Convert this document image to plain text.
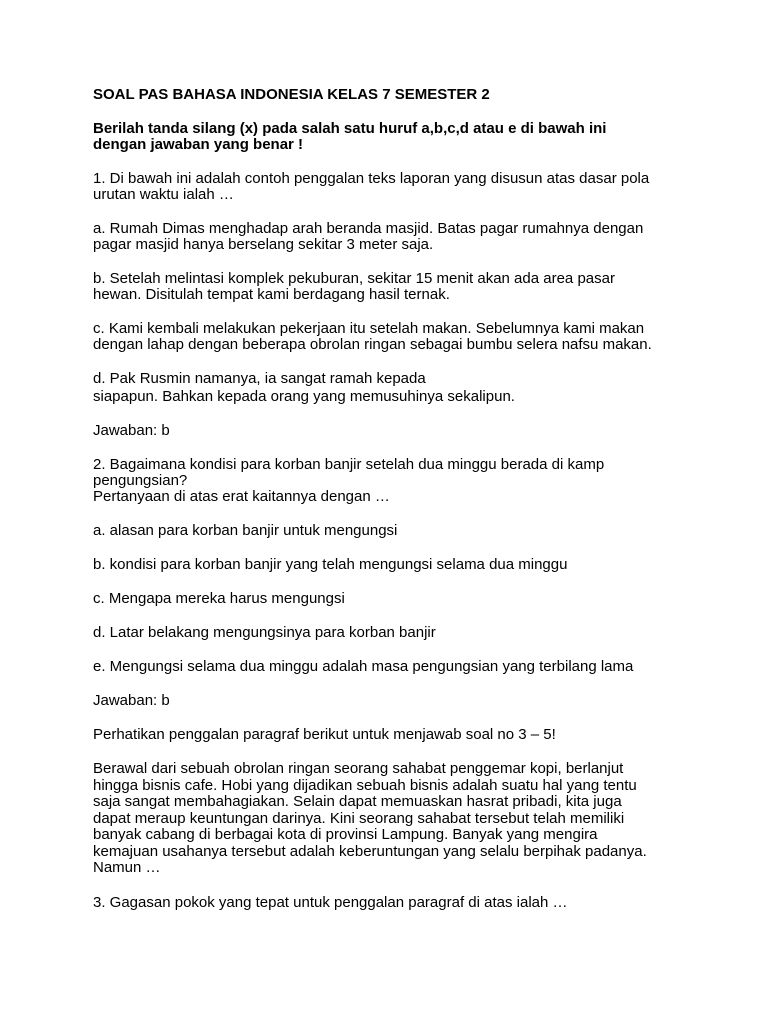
SOAL PAS BAHASA INDONESIA KELAS 7 SEMESTER 2

Berilah tanda silang (x) pada salah satu huruf a,b,c,d atau e di bawah ini dengan jawaban yang benar !

1. Di bawah ini adalah contoh penggalan teks laporan yang disusun atas dasar pola urutan waktu ialah …

a. Rumah Dimas menghadap arah beranda masjid. Batas pagar rumahnya dengan pagar masjid hanya berselang sekitar 3 meter saja.

b. Setelah melintasi komplek pekuburan, sekitar 15 menit akan ada area pasar hewan. Disitulah tempat kami berdagang hasil ternak.

c. Kami kembali melakukan pekerjaan itu setelah makan. Sebelumnya kami makan dengan lahap dengan beberapa obrolan ringan sebagai bumbu selera nafsu makan.

d. Pak Rusmin namanya, ia sangat ramah kepada

siapapun. Bahkan kepada orang yang memusuhinya sekalipun.

Jawaban: b

2. Bagaimana kondisi para korban banjir setelah dua minggu berada di kamp pengungsian?

Pertanyaan di atas erat kaitannya dengan …

a. alasan para korban banjir untuk mengungsi

b. kondisi para korban banjir yang telah mengungsi selama dua minggu

c. Mengapa mereka harus mengungsi

d. Latar belakang mengungsinya para korban banjir

e. Mengungsi selama dua minggu adalah masa pengungsian yang terbilang lama

Jawaban: b

Perhatikan penggalan paragraf berikut untuk menjawab soal no 3 – 5!

Berawal dari sebuah obrolan ringan seorang sahabat penggemar kopi, berlanjut hingga bisnis cafe. Hobi yang dijadikan sebuah bisnis adalah suatu hal yang tentu saja sangat membahagiakan. Selain dapat memuaskan hasrat pribadi, kita juga dapat meraup keuntungan darinya. Kini seorang sahabat tersebut telah memiliki banyak cabang di berbagai kota di provinsi Lampung. Banyak yang mengira kemajuan usahanya tersebut adalah keberuntungan yang selalu berpihak padanya. Namun …

3. Gagasan pokok yang tepat untuk penggalan paragraf di atas ialah …
